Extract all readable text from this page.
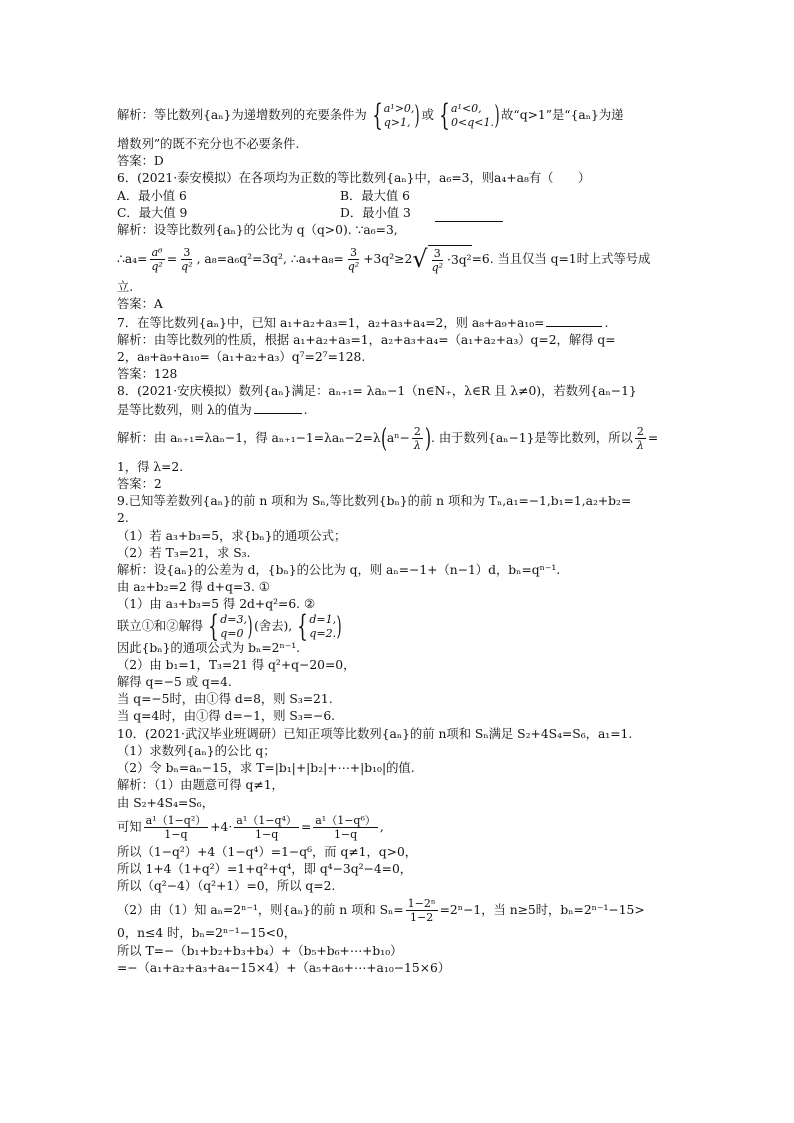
解析：等比数列{aₙ}为递增数列的充要条件为 { a¹>0,
q>1, ) 或 { a¹<0,
0<q<1. ) 故“q>1”是“{aₙ}为递
增数列”的既不充分也不必要条件.
答案：D
6．(2021·泰安模拟）在各项均为正数的等比数列{aₙ}中，a₆=3，则a₄+a₈有（　　）
A．最小值 6	B．最大值 6
C．最大值 9	D．最小值 3
解析：设等比数列{aₙ}的公比为 q（q>0). ∵a₆=3,
∴a₄= $\frac{\text{a⁶}}{\text{q²}} = \frac{3}{\text{q²}}$ , a₈=a₆q²=3q², ∴a₄+a₈= $\frac{3}{\text{q²}} +3q^2\ge 2$ √ $\frac{3}{\text{q²}} \cdot 3q^2 =6$. 当且仅当 q=1时上式等号成
立.
答案：A
7．在等比数列{aₙ}中，已知 a₁+a₂+a₃=1，a₂+a₃+a₄=2，则 a₈+a₉+a₁₀=	.
解析：由等比数列的性质，根据 a₁+a₂+a₃=1，a₂+a₃+a₄=（a₁+a₂+a₃）q=2，解得 q=
2，a₈+a₉+a₁₀=（a₁+a₂+a₃）q⁷=2⁷=128.
答案：128
8．(2021·安庆模拟）数列{aₙ}满足：aₙ₊₁= λaₙ−1（n∈N₊，λ∈R 且 λ≠0)，若数列{aₙ−1}
是等比数列，则 λ的值为	.
解析：由 aₙ₊₁=λaₙ−1，得 aₙ₊₁−1=λaₙ−2=λ ( $a^n- \frac{2}{\lambda}$ ) . 由于数列{aₙ−1}是等比数列，所以 $\frac{2}{\lambda}$ =
1，得 λ=2.
答案：2
9.已知等差数列{aₙ}的前 n 项和为 Sₙ,等比数列{bₙ}的前 n 项和为 Tₙ,a₁=−1,b₁=1,a₂+b₂=
2.
（1）若 a₃+b₃=5，求{bₙ}的通项公式；
（2）若 T₃=21，求 S₃.
解析：设{aₙ}的公差为 d，{bₙ}的公比为 q，则 aₙ=−1+（n−1）d，bₙ=qⁿ⁻¹.
由 a₂+b₂=2 得 d+q=3. ①
（1）由 a₃+b₃=5 得 2d+q²=6. ②
联立①和②解得 { d=3,
q=0 ) (舍去), { d=1,
q=2. )
因此{bₙ}的通项公式为 bₙ=2ⁿ⁻¹.
（2）由 b₁=1，T₃=21 得 q²+q−20=0，
解得 q=−5 或 q=4.
当 q=−5时，由①得 d=8，则 S₃=21.
当 q=4时，由①得 d=−1，则 S₃=−6.
10．(2021·武汉毕业班调研）已知正项等比数列{aₙ}的前 n项和 Sₙ满足 S₂+4S₄=S₆，a₁=1.
（1）求数列{aₙ}的公比 q；
（2）令 bₙ=aₙ−15，求 T=|b₁|+|b₂|+⋯+|b₁₀|的值.
解析：（1）由题意可得 q≠1，
由 S₂+4S₄=S₆，
可知 $\frac{\text{a¹（1−q²）}}{1-q} +4\cdot \frac{\text{a¹（1−q⁴）}}{1-q} = \frac{\text{a¹（1−q⁶）}}{1-q}$ ,
所以（1−q²）+4（1−q⁴）=1−q⁶，而 q≠1，q>0，
所以 1+4（1+q²）=1+q²+q⁴，即 q⁴−3q²−4=0，
所以（q²−4）（q²+1）=0，所以 q=2.
（2）由（1）知 aₙ=2ⁿ⁻¹，则{aₙ}的前 n 项和 $S_n= \frac{\text{1−2ⁿ}}{1-2} =2^n-1$，当 n≥5时，bₙ=2ⁿ⁻¹−15>
0，n≤4 时，bₙ=2ⁿ⁻¹−15<0，
所以 T=−（b₁+b₂+b₃+b₄）+（b₅+b₆+⋯+b₁₀）
=−（a₁+a₂+a₃+a₄−15×4）+（a₅+a₆+⋯+a₁₀−15×6）
